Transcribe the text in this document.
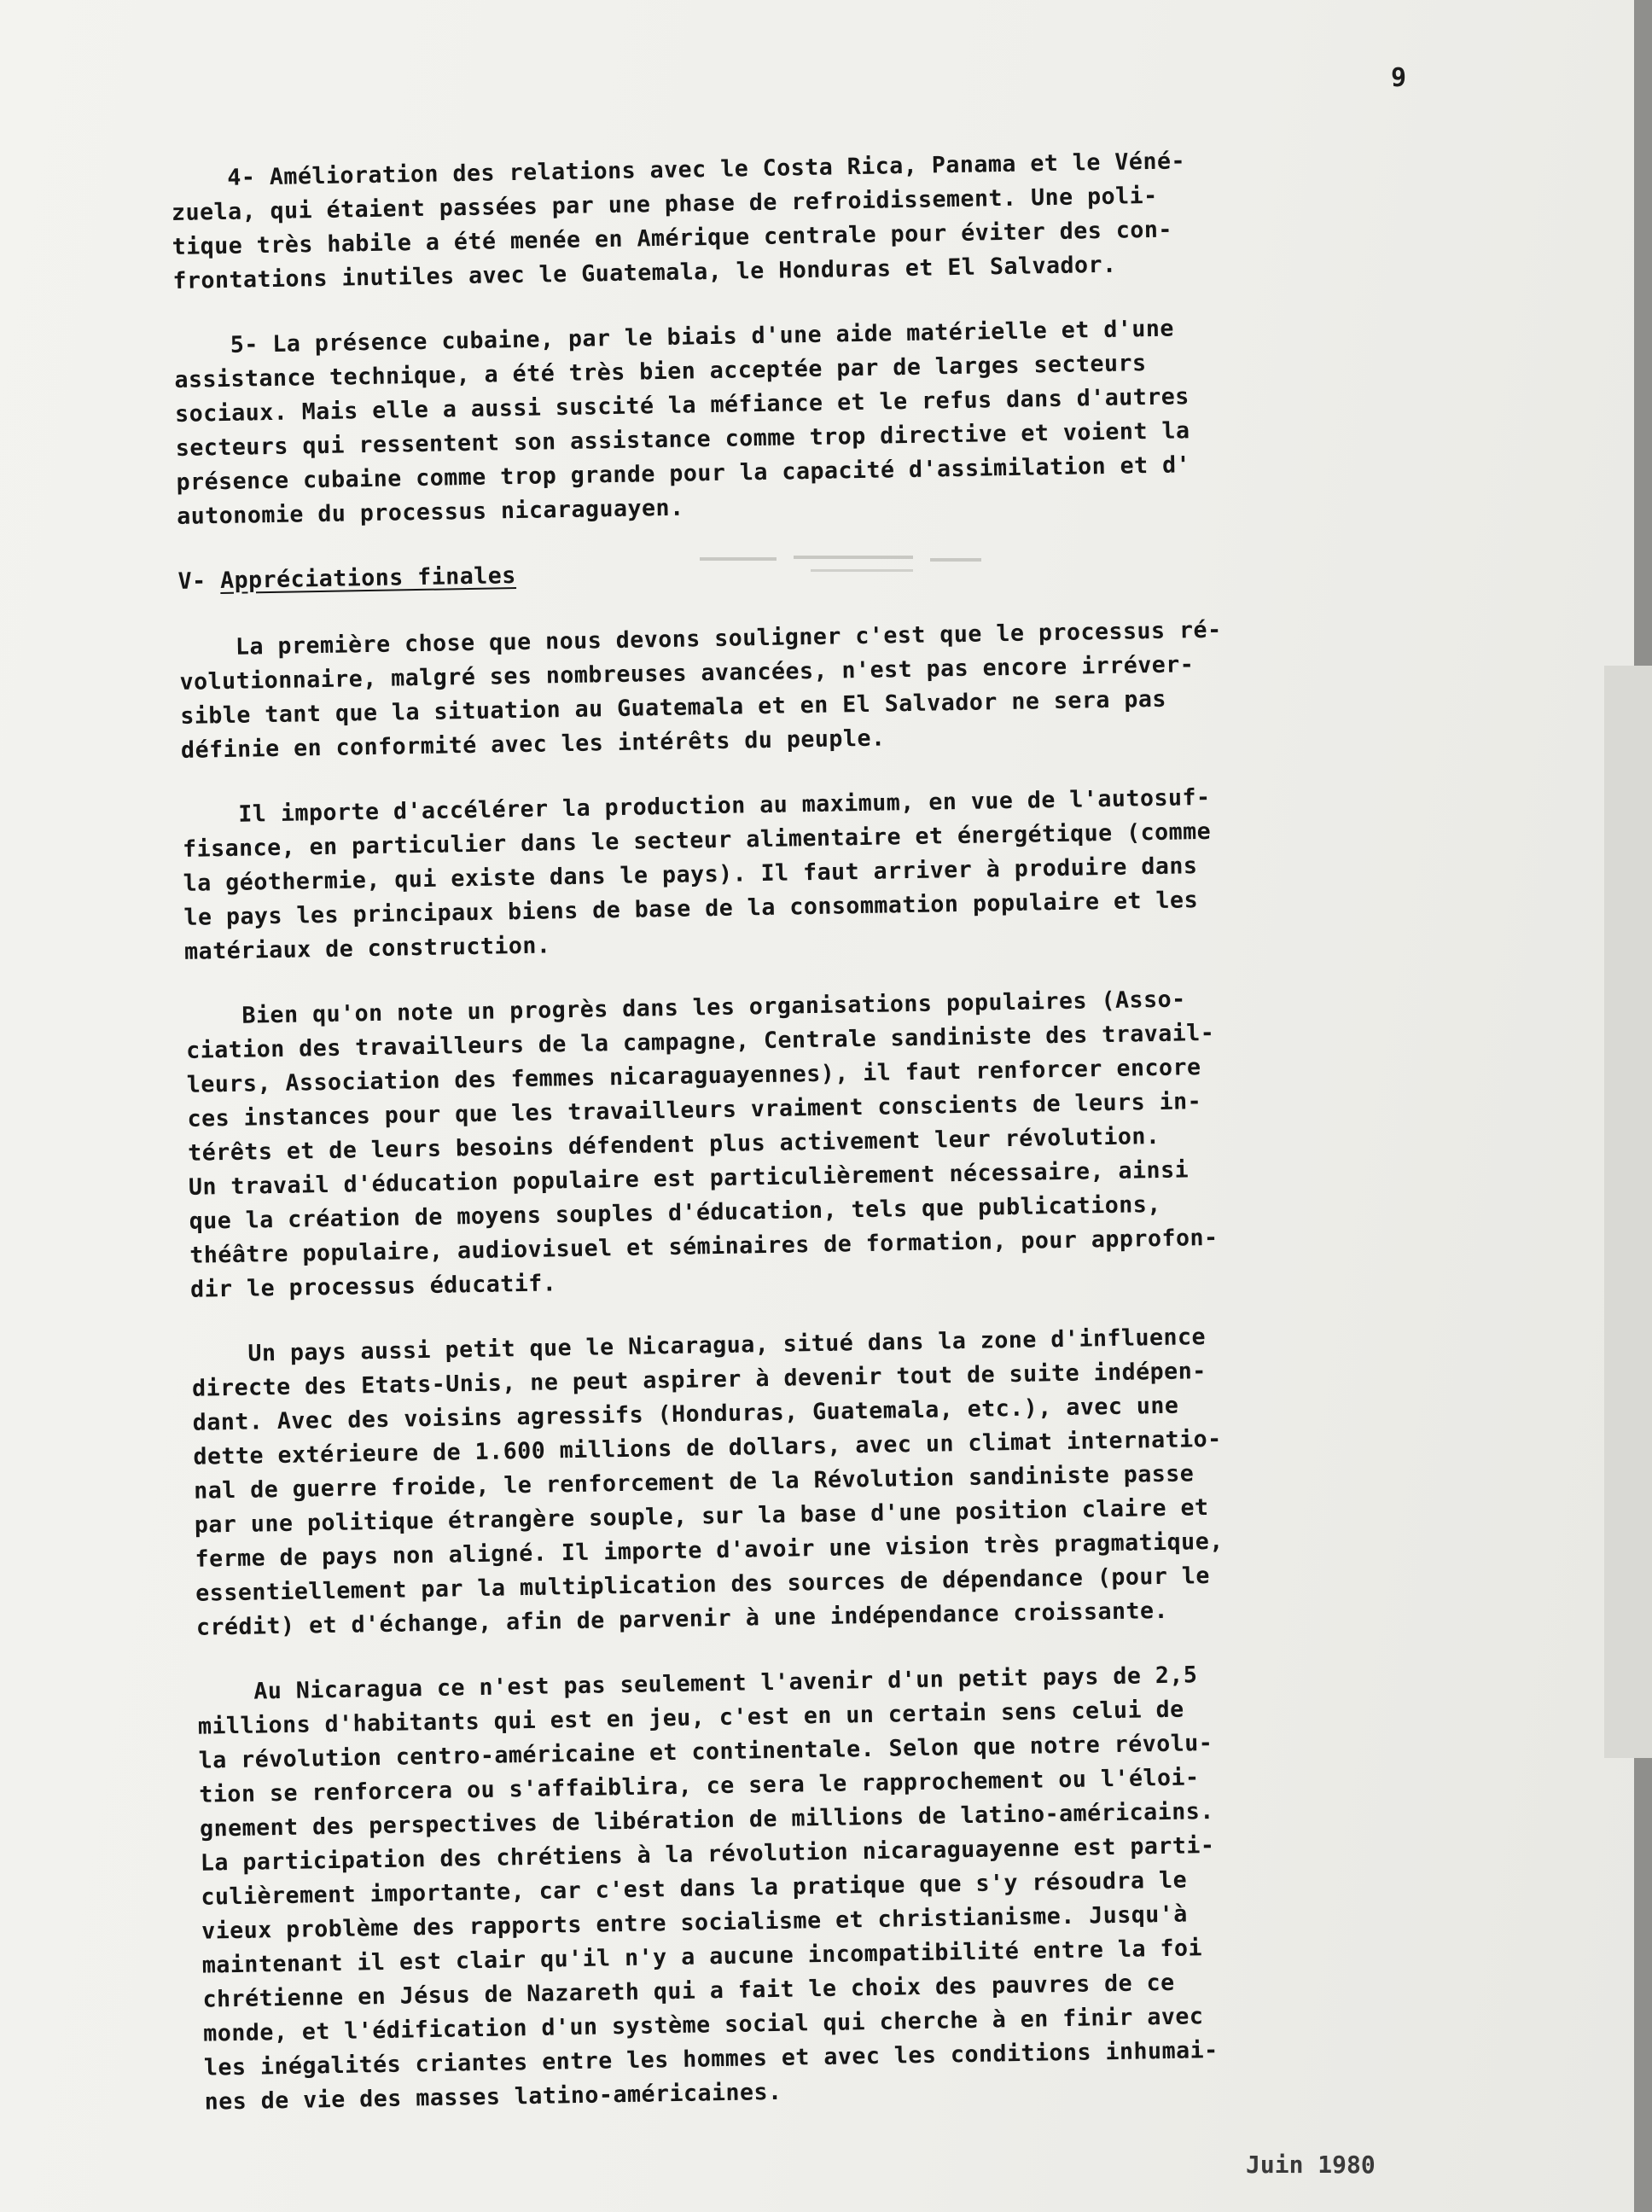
9

4- Amélioration des relations avec le Costa Rica, Panama et le Véné-
zuela, qui étaient passées par une phase de refroidissement. Une poli-
tique très habile a été menée en Amérique centrale pour éviter des con-
frontations inutiles avec le Guatemala, le Honduras et El Salvador.

5- La présence cubaine, par le biais d'une aide matérielle et d'une
assistance technique, a été très bien acceptée par de larges secteurs
sociaux. Mais elle a aussi suscité la méfiance et le refus dans d'autres
secteurs qui ressentent son assistance comme trop directive et voient la
présence cubaine comme trop grande pour la capacité d'assimilation et d'
autonomie du processus nicaraguayen.

V- Appréciations finales

La première chose que nous devons souligner c'est que le processus ré-
volutionnaire, malgré ses nombreuses avancées, n'est pas encore irréver-
sible tant que la situation au Guatemala et en El Salvador ne sera pas
définie en conformité avec les intérêts du peuple.

Il importe d'accélérer la production au maximum, en vue de l'autosuf-
fisance, en particulier dans le secteur alimentaire et énergétique (comme
la géothermie, qui existe dans le pays). Il faut arriver à produire dans
le pays les principaux biens de base de la consommation populaire et les
matériaux de construction.

Bien qu'on note un progrès dans les organisations populaires (Asso-
ciation des travailleurs de la campagne, Centrale sandiniste des travail-
leurs, Association des femmes nicaraguayennes), il faut renforcer encore
ces instances pour que les travailleurs vraiment conscients de leurs in-
térêts et de leurs besoins défendent plus activement leur révolution.
Un travail d'éducation populaire est particulièrement nécessaire, ainsi
que la création de moyens souples d'éducation, tels que publications,
théâtre populaire, audiovisuel et séminaires de formation, pour approfon-
dir le processus éducatif.

Un pays aussi petit que le Nicaragua, situé dans la zone d'influence
directe des Etats-Unis, ne peut aspirer à devenir tout de suite indépen-
dant. Avec des voisins agressifs (Honduras, Guatemala, etc.), avec une
dette extérieure de 1.600 millions de dollars, avec un climat internatio-
nal de guerre froide, le renforcement de la Révolution sandiniste passe
par une politique étrangère souple, sur la base d'une position claire et
ferme de pays non aligné. Il importe d'avoir une vision très pragmatique,
essentiellement par la multiplication des sources de dépendance (pour le
crédit) et d'échange, afin de parvenir à une indépendance croissante.

Au Nicaragua ce n'est pas seulement l'avenir d'un petit pays de 2,5
millions d'habitants qui est en jeu, c'est en un certain sens celui de
la révolution centro-américaine et continentale. Selon que notre révolu-
tion se renforcera ou s'affaiblira, ce sera le rapprochement ou l'éloi-
gnement des perspectives de libération de millions de latino-américains.
La participation des chrétiens à la révolution nicaraguayenne est parti-
culièrement importante, car c'est dans la pratique que s'y résoudra le
vieux problème des rapports entre socialisme et christianisme. Jusqu'à
maintenant il est clair qu'il n'y a aucune incompatibilité entre la foi
chrétienne en Jésus de Nazareth qui a fait le choix des pauvres de ce
monde, et l'édification d'un système social qui cherche à en finir avec
les inégalités criantes entre les hommes et avec les conditions inhumai-
nes de vie des masses latino-américaines.

Juin 1980
